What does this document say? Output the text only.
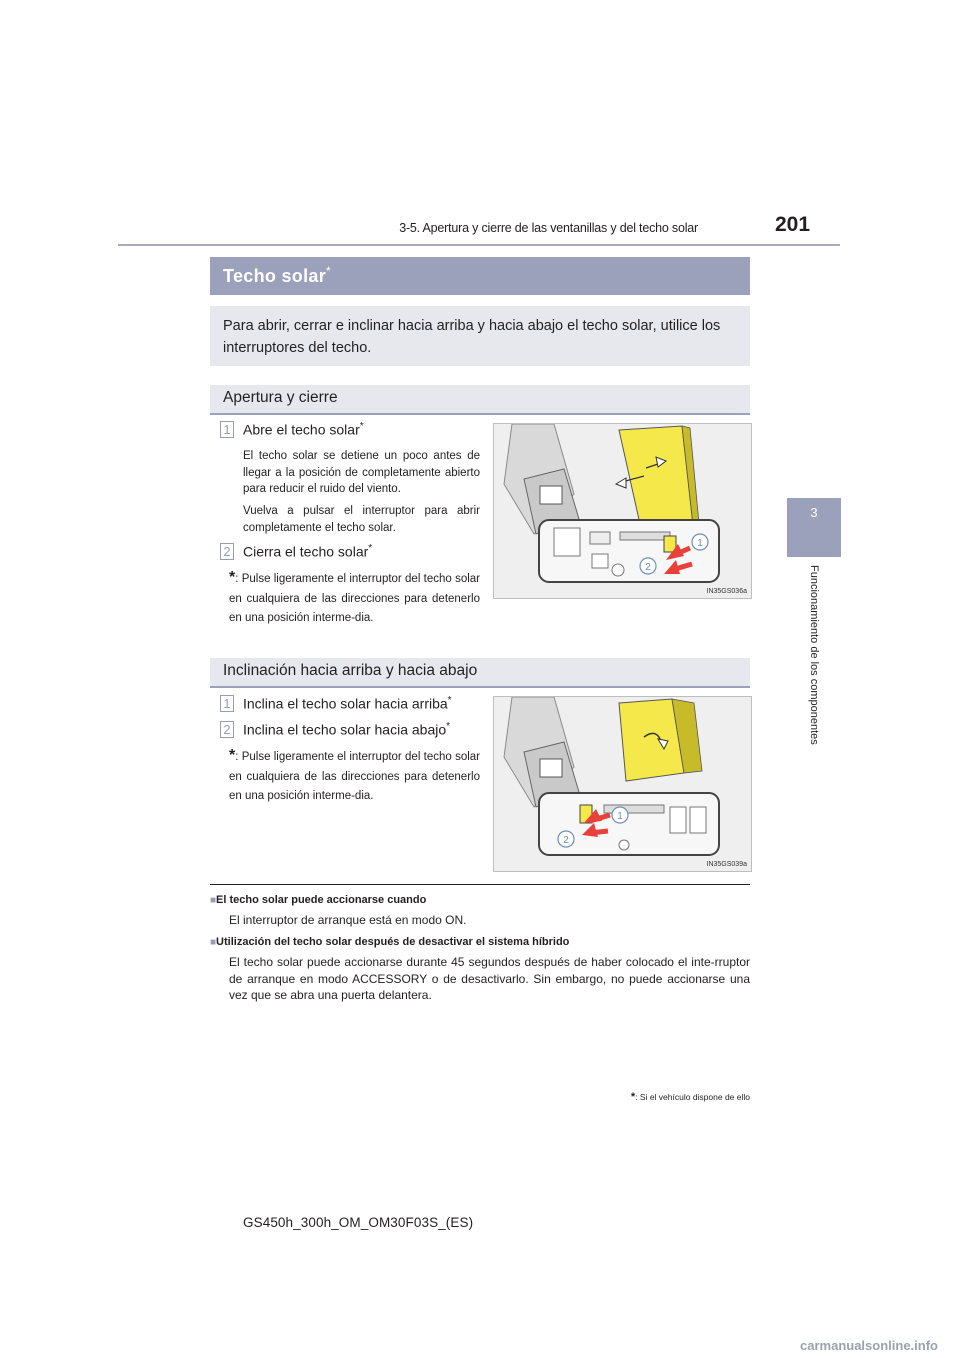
3-5. Apertura y cierre de las ventanillas y del techo solar	201
3
Funcionamiento de los componentes
Techo solar*
Para abrir, cerrar e inclinar hacia arriba y hacia abajo el techo solar, utilice los interruptores del techo.
Apertura y cierre
1 Abre el techo solar*
El techo solar se detiene un poco antes de llegar a la posición de completamente abierto para reducir el ruido del viento.
Vuelva a pulsar el interruptor para abrir completamente el techo solar.
2 Cierra el techo solar*
*: Pulse ligeramente el interruptor del techo solar en cualquiera de las direcciones para detenerlo en una posición interme-dia.
1
2
IN35GS036a
Inclinación hacia arriba y hacia abajo
1 Inclina el techo solar hacia arriba*
2 Inclina el techo solar hacia abajo*
*: Pulse ligeramente el interruptor del techo solar en cualquiera de las direcciones para detenerlo en una posición interme-dia.
1
2
IN35GS039a
■El techo solar puede accionarse cuando
El interruptor de arranque está en modo ON.
■Utilización del techo solar después de desactivar el sistema híbrido
El techo solar puede accionarse durante 45 segundos después de haber colocado el inte-rruptor de arranque en modo ACCESSORY o de desactivarlo. Sin embargo, no puede accionarse una vez que se abra una puerta delantera.
*: Si el vehículo dispone de ello
GS450h_300h_OM_OM30F03S_(ES)
carmanualsonline.info
